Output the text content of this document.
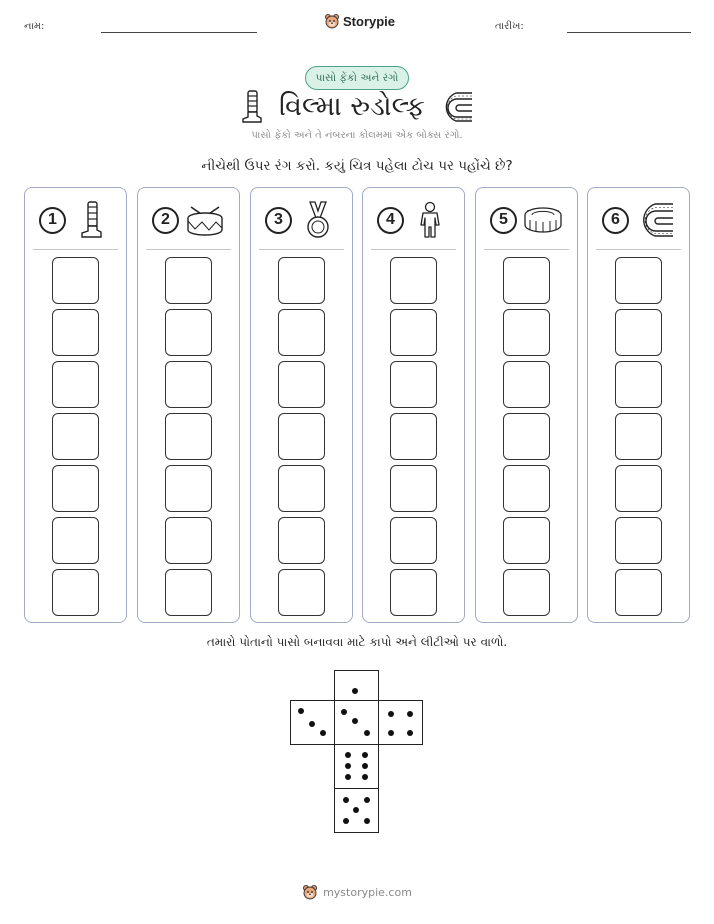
નામ:	Storypie	તારીખ:
પાસો ફેંકો અને રંગો
વિલ્મા રુડોલ્ફ
પાસો ફેંકો અને તે નંબરના કોલમમાં એક બોક્સ રંગો.
નીચેથી ઉપર રંગ કરો. કયું ચિત્ર પહેલા ટોચ પર પહોંચે છે?
1	2	3	4	5	6
તમારો પોતાનો પાસો બનાવવા માટે કાપો અને લીટીઓ પર વાળો.
mystorypie.com
